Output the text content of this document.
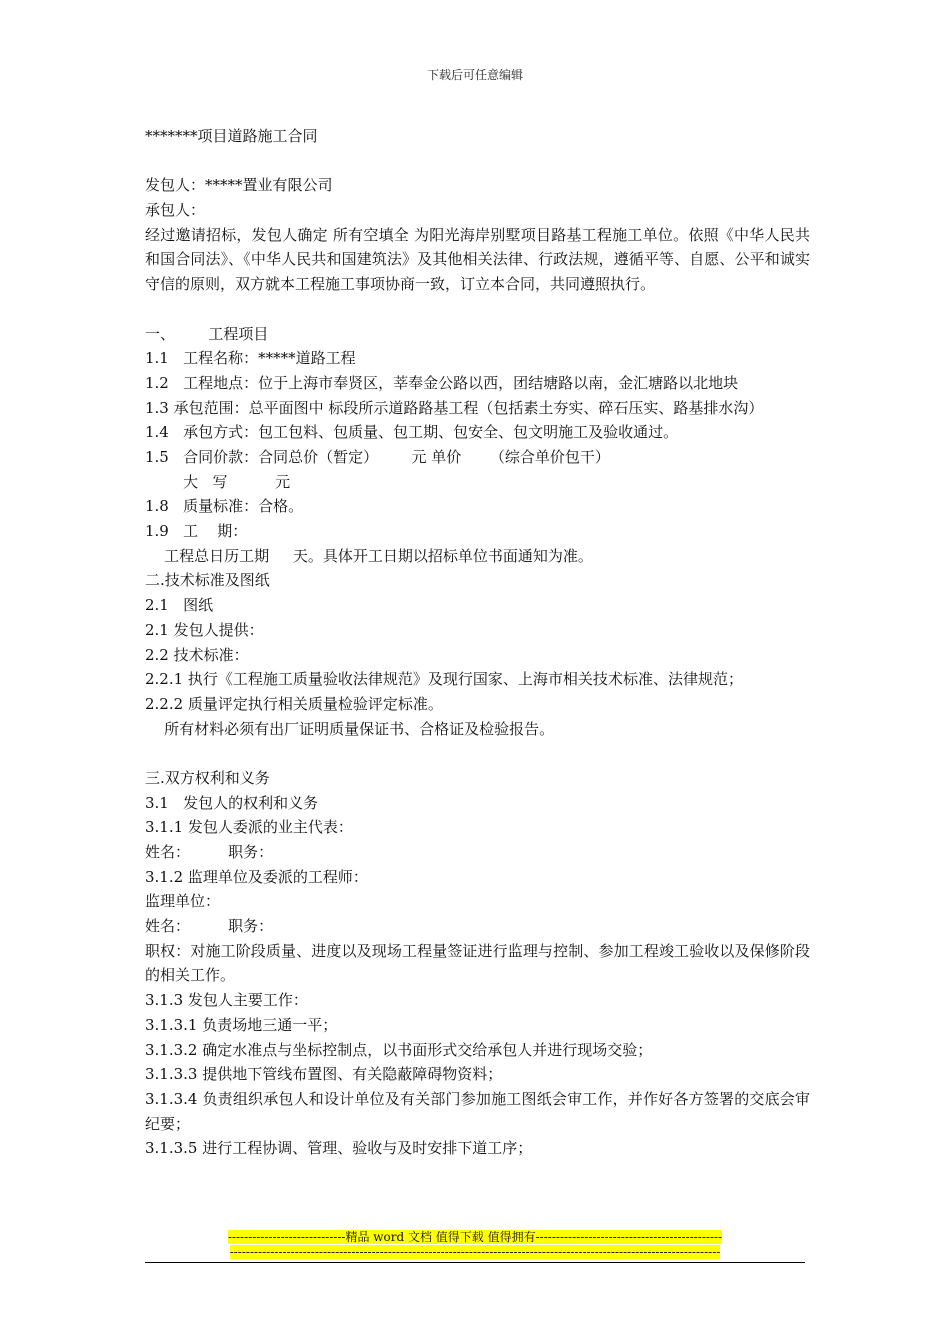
下载后可任意编辑
*******项目道路施工合同
发包人：*****置业有限公司
承包人：
经过邀请招标，发包人确定 所有空填全 为阳光海岸别墅项目路基工程施工单位。依照《中华人民共和国合同法》、《中华人民共和国建筑法》及其他相关法律、行政法规，遵循平等、自愿、公平和诚实守信的原则，双方就本工程施工事项协商一致，订立本合同，共同遵照执行。
一、       工程项目
1.1   工程名称：*****道路工程
1.2   工程地点：位于上海市奉贤区，莘奉金公路以西，团结塘路以南，金汇塘路以北地块
1.3 承包范围：总平面图中 标段所示道路路基工程（包括素土夯实、碎石压实、路基排水沟）
1.4   承包方式：包工包料、包质量、包工期、包安全、包文明施工及验收通过。
1.5   合同价款：合同总价（暂定）       元 单价      （综合单价包干）
大   写          元
1.8   质量标准：合格。
1.9   工    期：
工程总日历工期     天。具体开工日期以招标单位书面通知为准。
二.技术标准及图纸
2.1   图纸
2.1 发包人提供：
2.2 技术标准：
2.2.1 执行《工程施工质量验收法律规范》及现行国家、上海市相关技术标准、法律规范；
2.2.2 质量评定执行相关质量检验评定标准。
所有材料必须有出厂证明质量保证书、合格证及检验报告。
三.双方权利和义务
3.1   发包人的权利和义务
3.1.1 发包人委派的业主代表：
姓名：        职务：
3.1.2 监理单位及委派的工程师：
监理单位：
姓名：        职务：
职权：对施工阶段质量、进度以及现场工程量签证进行监理与控制、参加工程竣工验收以及保修阶段的相关工作。
3.1.3 发包人主要工作：
3.1.3.1 负责场地三通一平；
3.1.3.2 确定水准点与坐标控制点，以书面形式交给承包人并进行现场交验；
3.1.3.3 提供地下管线布置图、有关隐蔽障碍物资料；
3.1.3.4 负责组织承包人和设计单位及有关部门参加施工图纸会审工作，并作好各方签署的交底会审纪要；
3.1.3.5 进行工程协调、管理、验收与及时安排下道工序；
-----------------------------精品 word 文档 值得下载 值得拥有----------------------------------------------
-------------------------------------------------------------------------------------------------------------------------
